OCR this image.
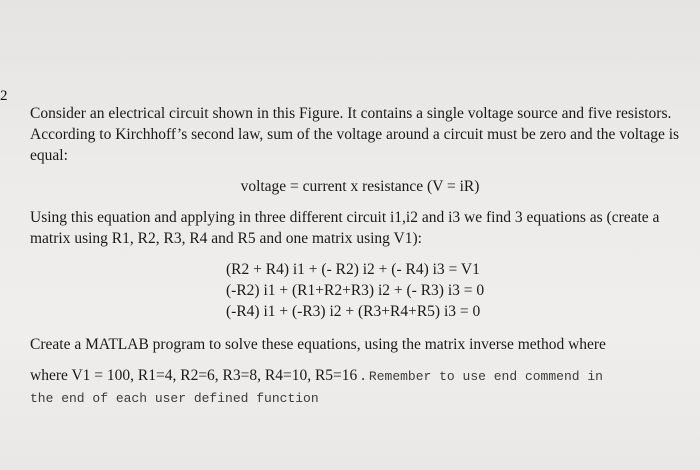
2

Consider an electrical circuit shown in this Figure. It contains a single voltage source and five resistors. According to Kirchhoff’s second law, sum of the voltage around a circuit must be zero and the voltage is equal:

voltage = current x resistance (V = iR)

Using this equation and applying in three different circuit i1,i2 and i3 we find 3 equations as (create a matrix using R1, R2, R3, R4 and R5 and one matrix using V1):

(R2 + R4) i1 + (- R2) i2 + (- R4) i3 = V1
(-R2) i1 + (R1+R2+R3) i2 + (- R3) i3 = 0
(-R4) i1 + (-R3) i2 + (R3+R4+R5) i3 = 0

Create a MATLAB program to solve these equations, using the matrix inverse method where

where V1 = 100, R1=4, R2=6, R3=8, R4=10, R5=16 . Remember to use end commend in
the end of each user defined function
